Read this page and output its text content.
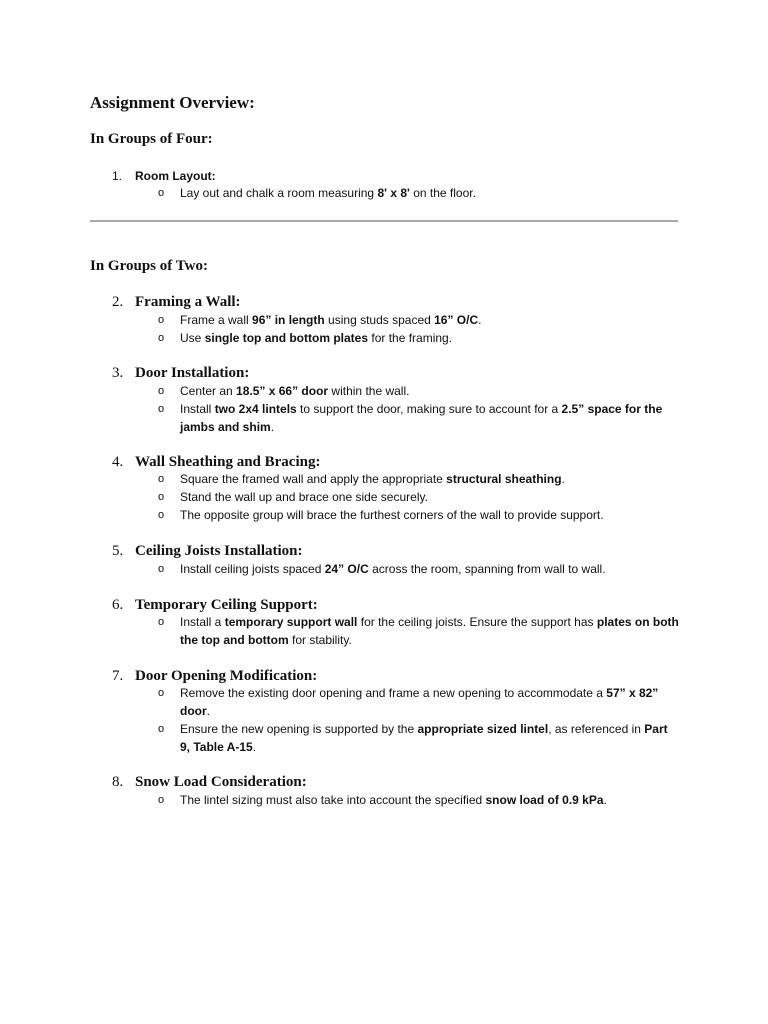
Assignment Overview:
In Groups of Four:
1. Room Layout:
o Lay out and chalk a room measuring 8' x 8' on the floor.
In Groups of Two:
2. Framing a Wall:
o Frame a wall 96” in length using studs spaced 16” O/C.
o Use single top and bottom plates for the framing.
3. Door Installation:
o Center an 18.5” x 66” door within the wall.
o Install two 2x4 lintels to support the door, making sure to account for a 2.5” space for the jambs and shim.
4. Wall Sheathing and Bracing:
o Square the framed wall and apply the appropriate structural sheathing.
o Stand the wall up and brace one side securely.
o The opposite group will brace the furthest corners of the wall to provide support.
5. Ceiling Joists Installation:
o Install ceiling joists spaced 24” O/C across the room, spanning from wall to wall.
6. Temporary Ceiling Support:
o Install a temporary support wall for the ceiling joists. Ensure the support has plates on both the top and bottom for stability.
7. Door Opening Modification:
o Remove the existing door opening and frame a new opening to accommodate a 57” x 82” door.
o Ensure the new opening is supported by the appropriate sized lintel, as referenced in Part 9, Table A-15.
8. Snow Load Consideration:
o The lintel sizing must also take into account the specified snow load of 0.9 kPa.
